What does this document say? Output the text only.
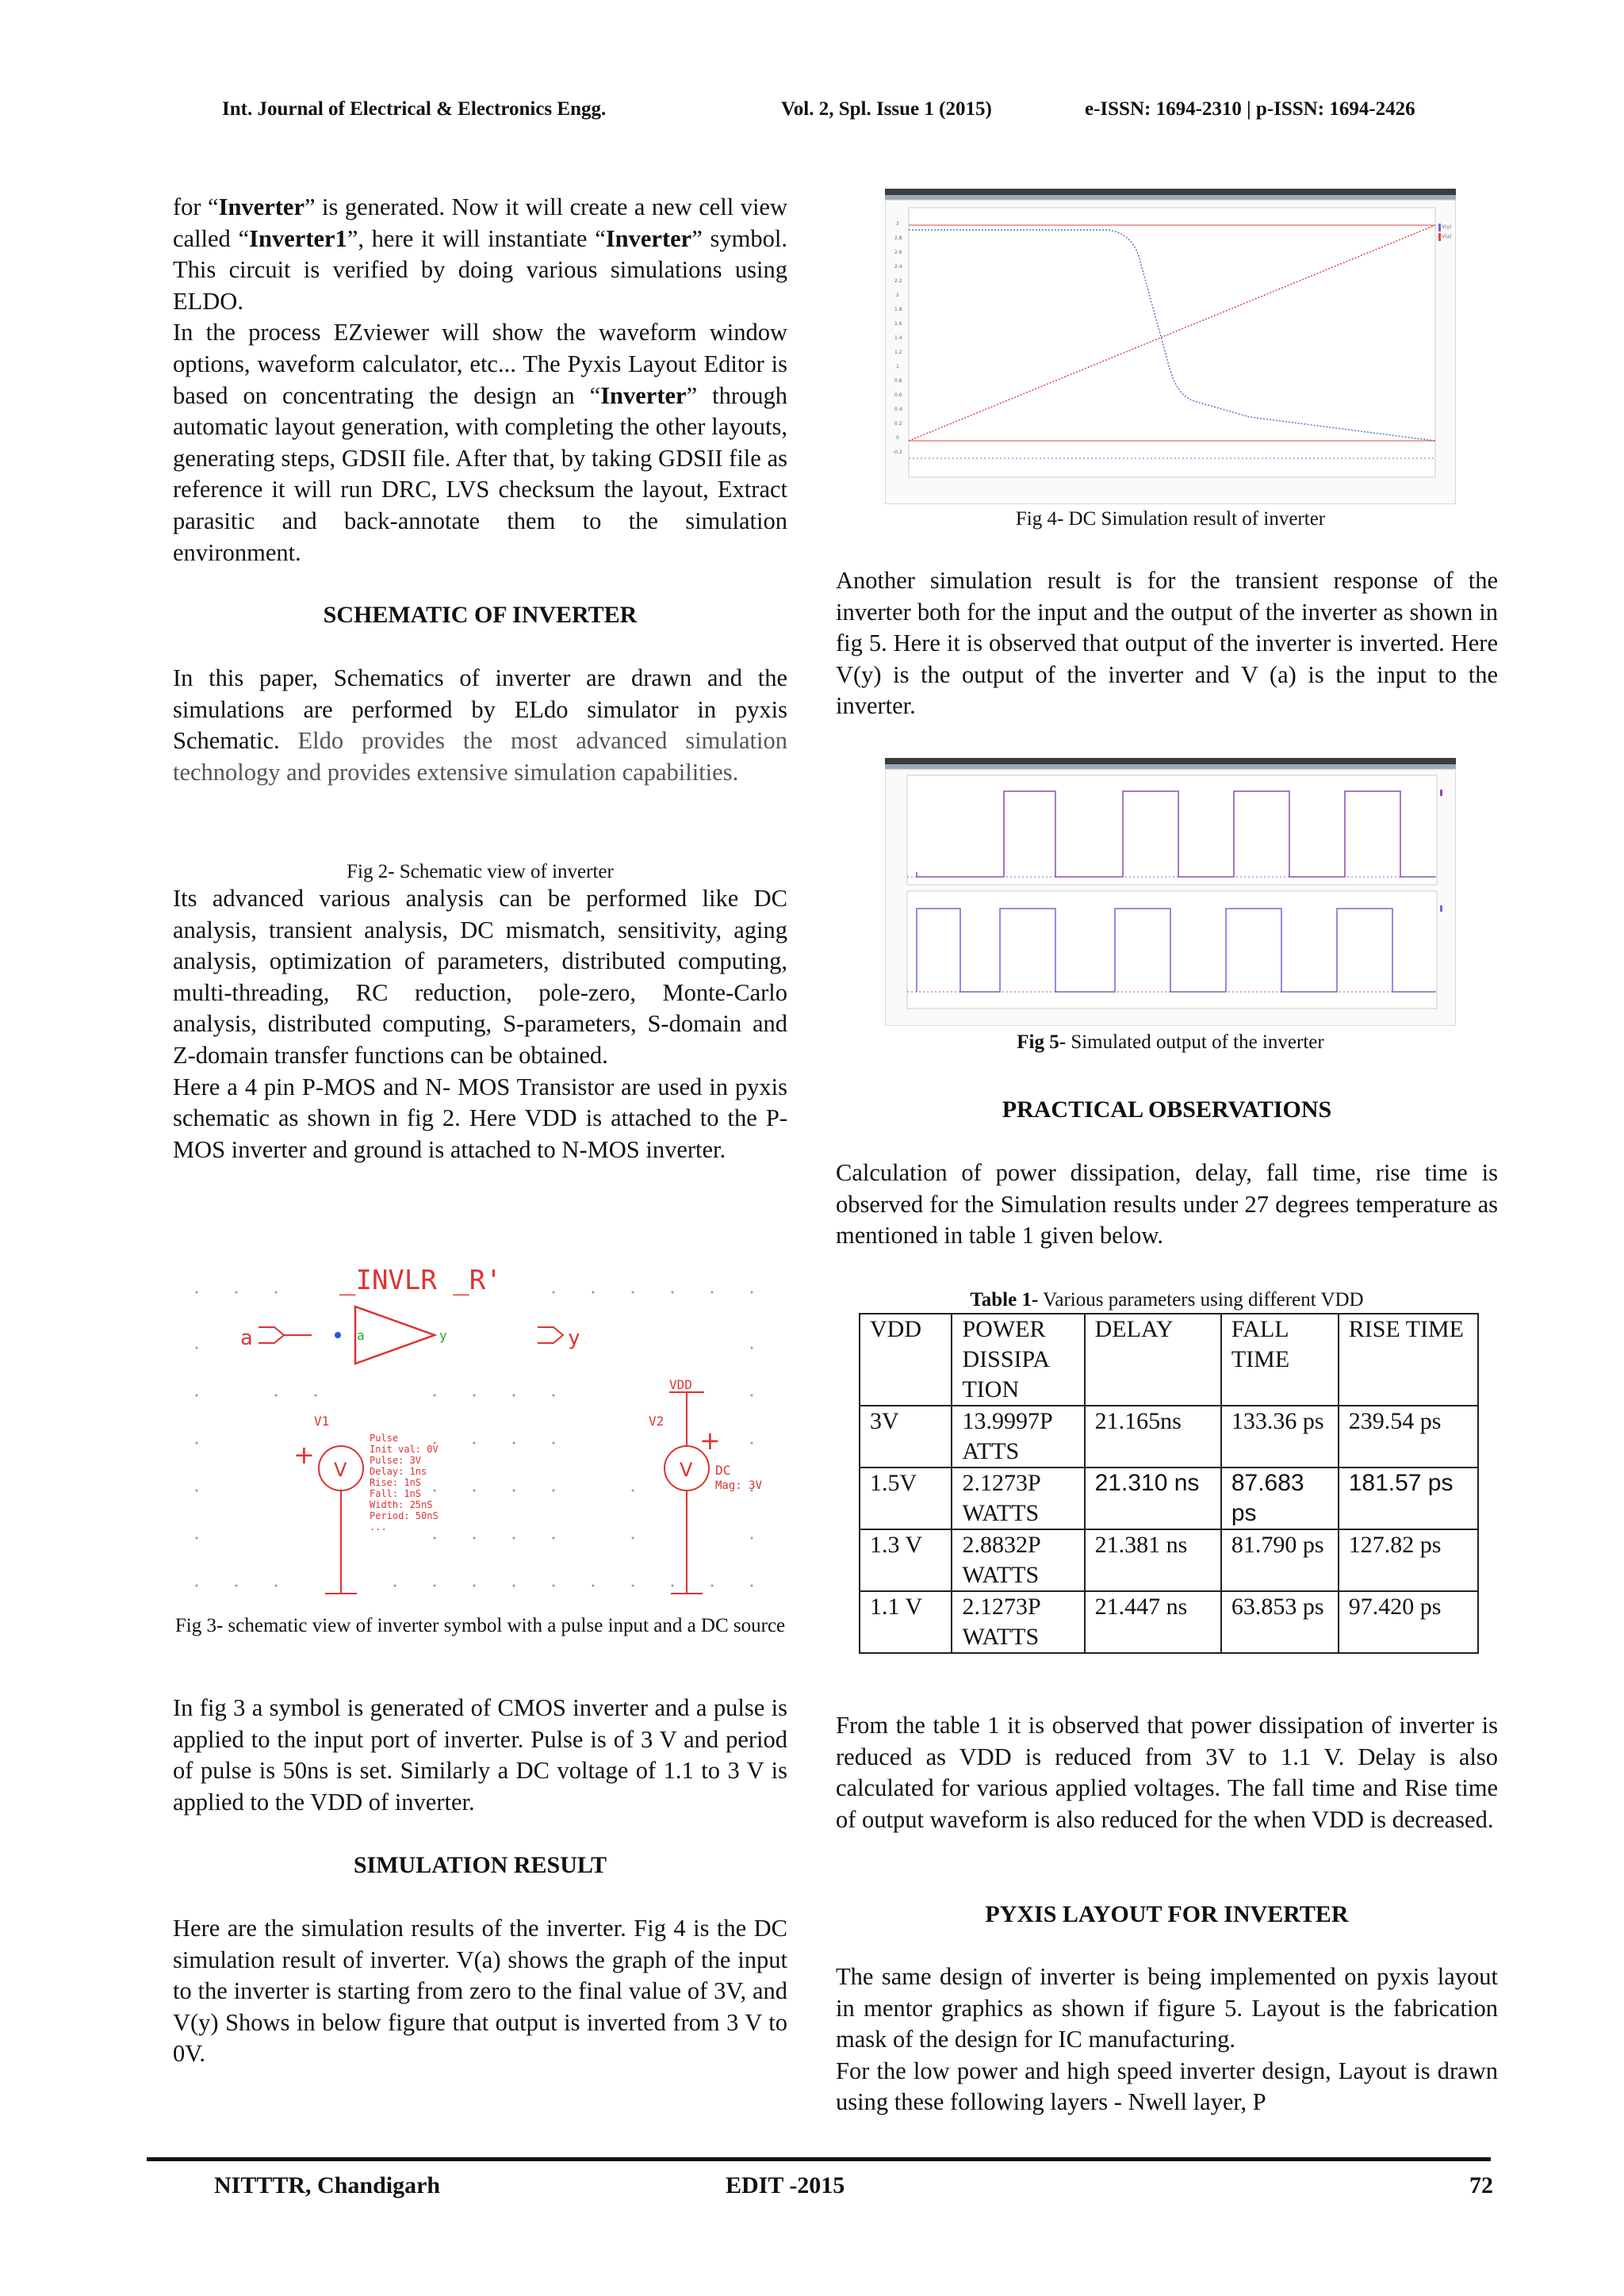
Int. Journal of Electrical & Electronics Engg.	Vol. 2, Spl. Issue 1 (2015)	e-ISSN: 1694-2310 | p-ISSN: 1694-2426

for “Inverter” is generated. Now it will create a new cell view called “Inverter1”, here it will instantiate “Inverter” symbol. This circuit is verified by doing various simulations using ELDO.

In the process EZviewer will show the waveform window options, waveform calculator, etc... The Pyxis Layout Editor is based on concentrating the design an “Inverter” through automatic layout generation, with completing the other layouts, generating steps, GDSII file. After that, by taking GDSII file as reference it will run DRC, LVS checksum the layout, Extract parasitic and back-annotate them to the simulation environment.

SCHEMATIC OF INVERTER

In this paper, Schematics of inverter are drawn and the simulations are performed by ELdo simulator in pyxis Schematic. Eldo provides the most advanced simulation technology and provides extensive simulation capabilities.

Fig 2- Schematic view of inverter

Its advanced various analysis can be performed like DC analysis, transient analysis, DC mismatch, sensitivity, aging analysis, optimization of parameters, distributed computing, multi-threading, RC reduction, pole-zero, Monte-Carlo analysis, distributed computing, S-parameters, S-domain and Z-domain transfer functions can be obtained.

Here a 4 pin P-MOS and N- MOS Transistor are used in pyxis schematic as shown in fig 2. Here VDD is attached to the P-MOS inverter and ground is attached to N-MOS inverter.

_INVLR _R'
a	a	y	y
VDD
V1
+ V
Pulse
Init val: 0V
Pulse: 3V
Delay: 1ns
Rise: 1nS
Fall: 1nS
Width: 25nS
Period: 50nS
...
V2
+
V DC
Mag: 3V
Fig 3- schematic view of inverter symbol with a pulse input and a DC source
In fig 3 a symbol is generated of CMOS inverter and a pulse is applied to the input port of inverter. Pulse is of 3 V and period of pulse is 50ns is set. Similarly a DC voltage of 1.1 to 3 V is applied to the VDD of inverter.
SIMULATION RESULT
Here are the simulation results of the inverter. Fig 4 is the DC simulation result of inverter. V(a) shows the graph of the input to the inverter is starting from zero to the final value of 3V, and V(y) Shows in below figure that output is inverted from 3 V to 0V.
3
2.8
2.6
2.4
2.2
2
1.8
1.6
1.4
1.2
1
0.8
0.6
0.4
0.2
0
-0.2
V(y)
V(a)
Fig 4- DC Simulation result of inverter
Another simulation result is for the transient response of the inverter both for the input and the output of the inverter as shown in fig 5. Here it is observed that output of the inverter is inverted. Here V(y) is the output of the inverter and V (a) is the input to the inverter.
Fig 5- Simulated output of the inverter
PRACTICAL OBSERVATIONS
Calculation of power dissipation, delay, fall time, rise time is observed for the Simulation results under 27 degrees temperature as mentioned in table 1 given below.
Table 1- Various parameters using different VDD
VDD	POWER DISSIPA TION	DELAY	FALL TIME	RISE TIME
3V	13.9997P ATTS	21.165ns	133.36 ps	239.54 ps
1.5V	2.1273P WATTS	21.310 ns	87.683 ps	181.57 ps
1.3 V	2.8832P WATTS	21.381 ns	81.790 ps	127.82 ps
1.1 V	2.1273P WATTS	21.447 ns	63.853 ps	97.420 ps
From the table 1 it is observed that power dissipation of inverter is reduced as VDD is reduced from 3V to 1.1 V. Delay is also calculated for various applied voltages. The fall time and Rise time of output waveform is also reduced for the when VDD is decreased.
PYXIS LAYOUT FOR INVERTER

The same design of inverter is being implemented on pyxis layout in mentor graphics as shown if figure 5. Layout is the fabrication mask of the design for IC manufacturing.

For the low power and high speed inverter design, Layout is drawn using these following layers - Nwell layer, P

NITTTR, Chandigarh	EDIT -2015	72
